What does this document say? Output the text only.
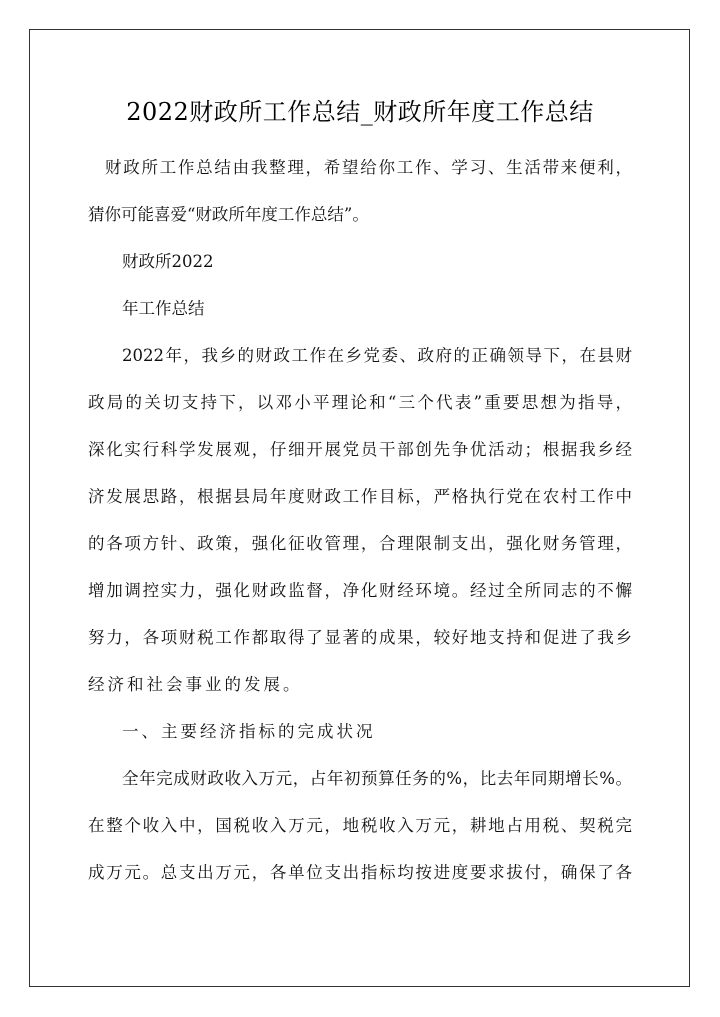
2022财政所工作总结_财政所年度工作总结
财政所工作总结由我整理，希望给你工作、学习、生活带来便利，
猜你可能喜爱“财政所年度工作总结”。
财政所2022
年工作总结
2022年，我乡的财政工作在乡党委、政府的正确领导下，在县财
政局的关切支持下，以邓小平理论和“三个代表”重要思想为指导，
深化实行科学发展观，仔细开展党员干部创先争优活动；根据我乡经
济发展思路，根据县局年度财政工作目标，严格执行党在农村工作中
的各项方针、政策，强化征收管理，合理限制支出，强化财务管理，
增加调控实力，强化财政监督，净化财经环境。经过全所同志的不懈
努力，各项财税工作都取得了显著的成果，较好地支持和促进了我乡
经济和社会事业的发展。
一、主要经济指标的完成状况
全年完成财政收入万元，占年初预算任务的%，比去年同期增长%。
在整个收入中，国税收入万元，地税收入万元，耕地占用税、契税完
成万元。总支出万元，各单位支出指标均按进度要求拔付，确保了各
